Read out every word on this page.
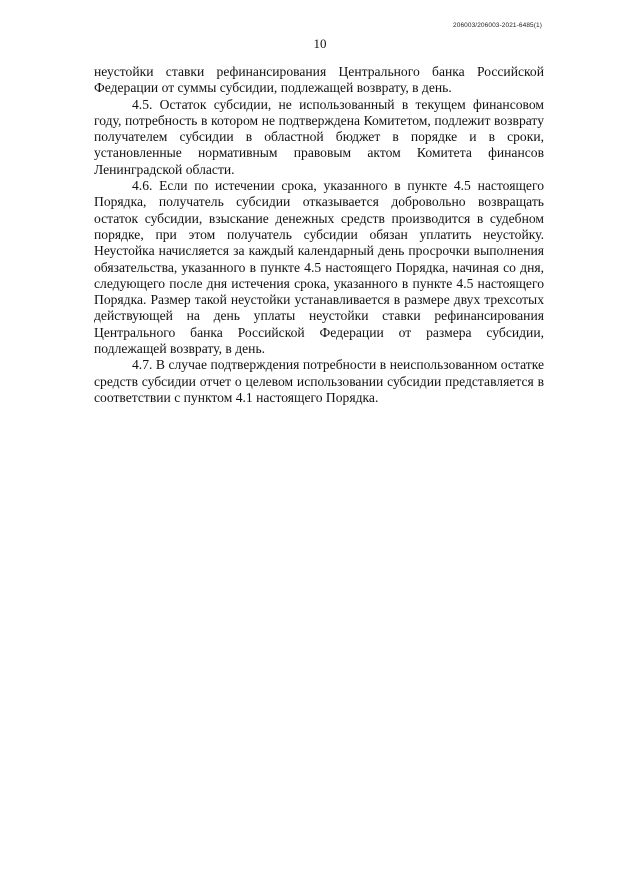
206003/206003-2021-6485(1)
10

неустойки ставки рефинансирования Центрального банка Российской Федерации от суммы субсидии, подлежащей возврату, в день.

4.5. Остаток субсидии, не использованный в текущем финансовом году, потребность в котором не подтверждена Комитетом, подлежит возврату получателем субсидии в областной бюджет в порядке и в сроки, установленные нормативным правовым актом Комитета финансов Ленинградской области.

4.6. Если по истечении срока, указанного в пункте 4.5 настоящего Порядка, получатель субсидии отказывается добровольно возвращать остаток субсидии, взыскание денежных средств производится в судебном порядке, при этом получатель субсидии обязан уплатить неустойку. Неустойка начисляется за каждый календарный день просрочки выполнения обязательства, указанного в пункте 4.5 настоящего Порядка, начиная со дня, следующего после дня истечения срока, указанного в пункте 4.5 настоящего Порядка. Размер такой неустойки устанавливается в размере двух трехсотых действующей на день уплаты неустойки ставки рефинансирования Центрального банка Российской Федерации от размера субсидии, подлежащей возврату, в день.

4.7. В случае подтверждения потребности в неиспользованном остатке средств субсидии отчет о целевом использовании субсидии представляется в соответствии с пунктом 4.1 настоящего Порядка.
